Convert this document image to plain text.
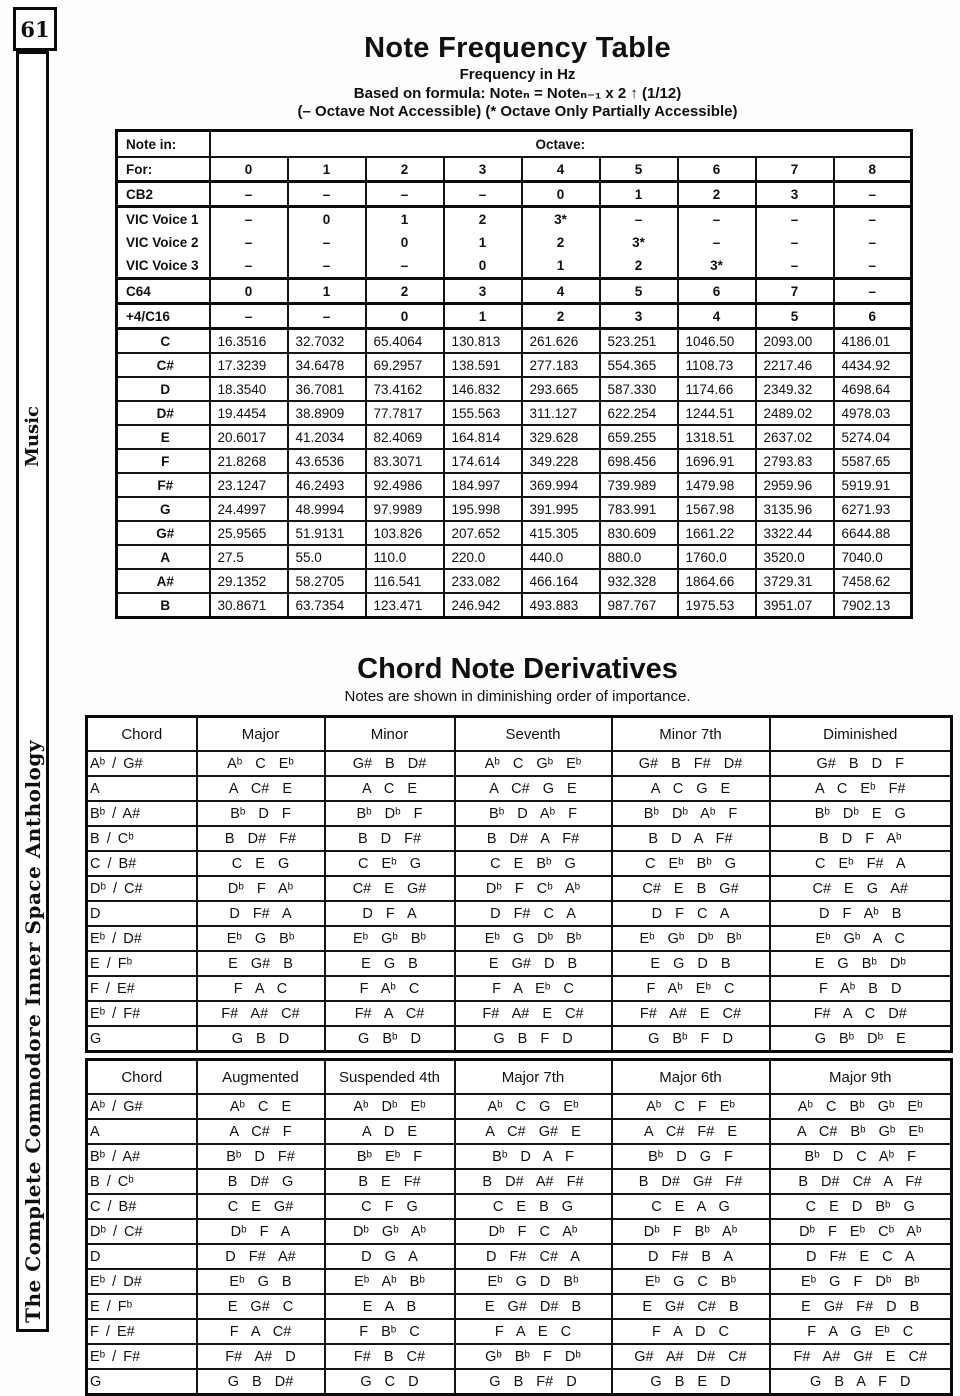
61
Music
The Complete Commodore Inner Space Anthology
Note Frequency Table
Frequency in Hz
Based on formula: Noteₙ = Noteₙ₋₁ x 2 ↑ (1/12)
(– Octave Not Accessible) (* Octave Only Partially Accessible)
Note in:	Octave:								
For:	0	1	2	3	4	5	6	7	8
CB2	–	–	–	–	0	1	2	3	–
VIC Voice 1	–	0	1	2	3*	–	–	–	–
VIC Voice 2	–	–	0	1	2	3*	–	–	–
VIC Voice 3	–	–	–	0	1	2	3*	–	–
C64	0	1	2	3	4	5	6	7	–
+4/C16	–	–	0	1	2	3	4	5	6
C	16.3516	32.7032	65.4064	130.813	261.626	523.251	1046.50	2093.00	4186.01
C#	17.3239	34.6478	69.2957	138.591	277.183	554.365	1108.73	2217.46	4434.92
D	18.3540	36.7081	73.4162	146.832	293.665	587.330	1174.66	2349.32	4698.64
D#	19.4454	38.8909	77.7817	155.563	311.127	622.254	1244.51	2489.02	4978.03
E	20.6017	41.2034	82.4069	164.814	329.628	659.255	1318.51	2637.02	5274.04
F	21.8268	43.6536	83.3071	174.614	349.228	698.456	1696.91	2793.83	5587.65
F#	23.1247	46.2493	92.4986	184.997	369.994	739.989	1479.98	2959.96	5919.91
G	24.4997	48.9994	97.9989	195.998	391.995	783.991	1567.98	3135.96	6271.93
G#	25.9565	51.9131	103.826	207.652	415.305	830.609	1661.22	3322.44	6644.88
A	27.5	55.0	110.0	220.0	440.0	880.0	1760.0	3520.0	7040.0
A#	29.1352	58.2705	116.541	233.082	466.164	932.328	1864.66	3729.31	7458.62
B	30.8671	63.7354	123.471	246.942	493.883	987.767	1975.53	3951.07	7902.13
Chord Note Derivatives
Notes are shown in diminishing order of importance.
Chord	Major	Minor	Seventh	Minor 7th	Diminished
Aᵇ / G#	Aᵇ C Eᵇ	G# B D#	Aᵇ C Gᵇ Eᵇ	G# B F# D#	G# B D F
A	A C# E	A C E	A C# G E	A C G E	A C Eᵇ F#
Bᵇ / A#	Bᵇ D F	Bᵇ Dᵇ F	Bᵇ D Aᵇ F	Bᵇ Dᵇ Aᵇ F	Bᵇ Dᵇ E G
B / Cᵇ	B D# F#	B D F#	B D# A F#	B D A F#	B D F Aᵇ
C / B#	C E G	C Eᵇ G	C E Bᵇ G	C Eᵇ Bᵇ G	C Eᵇ F# A
Dᵇ / C#	Dᵇ F Aᵇ	C# E G#	Dᵇ F Cᵇ Aᵇ	C# E B G#	C# E G A#
D	D F# A	D F A	D F# C A	D F C A	D F Aᵇ B
Eᵇ / D#	Eᵇ G Bᵇ	Eᵇ Gᵇ Bᵇ	Eᵇ G Dᵇ Bᵇ	Eᵇ Gᵇ Dᵇ Bᵇ	Eᵇ Gᵇ A C
E / Fᵇ	E G# B	E G B	E G# D B	E G D B	E G Bᵇ Dᵇ
F / E#	F A C	F Aᵇ C	F A Eᵇ C	F Aᵇ Eᵇ C	F Aᵇ B D
Eᵇ / F#	F# A# C#	F# A C#	F# A# E C#	F# A# E C#	F# A C D#
G	G B D	G Bᵇ D	G B F D	G Bᵇ F D	G Bᵇ Dᵇ E
Chord	Augmented	Suspended 4th	Major 7th	Major 6th	Major 9th
Aᵇ / G#	Aᵇ C E	Aᵇ Dᵇ Eᵇ	Aᵇ C G Eᵇ	Aᵇ C F Eᵇ	Aᵇ C Bᵇ Gᵇ Eᵇ
A	A C# F	A D E	A C# G# E	A C# F# E	A C# Bᵇ Gᵇ Eᵇ
Bᵇ / A#	Bᵇ D F#	Bᵇ Eᵇ F	Bᵇ D A F	Bᵇ D G F	Bᵇ D C Aᵇ F
B / Cᵇ	B D# G	B E F#	B D# A# F#	B D# G# F#	B D# C# A F#
C / B#	C E G#	C F G	C E B G	C E A G	C E D Bᵇ G
Dᵇ / C#	Dᵇ F A	Dᵇ Gᵇ Aᵇ	Dᵇ F C Aᵇ	Dᵇ F Bᵇ Aᵇ	Dᵇ F Eᵇ Cᵇ Aᵇ
D	D F# A#	D G A	D F# C# A	D F# B A	D F# E C A
Eᵇ / D#	Eᵇ G B	Eᵇ Aᵇ Bᵇ	Eᵇ G D Bᵇ	Eᵇ G C Bᵇ	Eᵇ G F Dᵇ Bᵇ
E / Fᵇ	E G# C	E A B	E G# D# B	E G# C# B	E G# F# D B
F / E#	F A C#	F Bᵇ C	F A E C	F A D C	F A G Eᵇ C
Eᵇ / F#	F# A# D	F# B C#	Gᵇ Bᵇ F Dᵇ	G# A# D# C#	F# A# G# E C#
G	G B D#	G C D	G B F# D	G B E D	G B A F D
